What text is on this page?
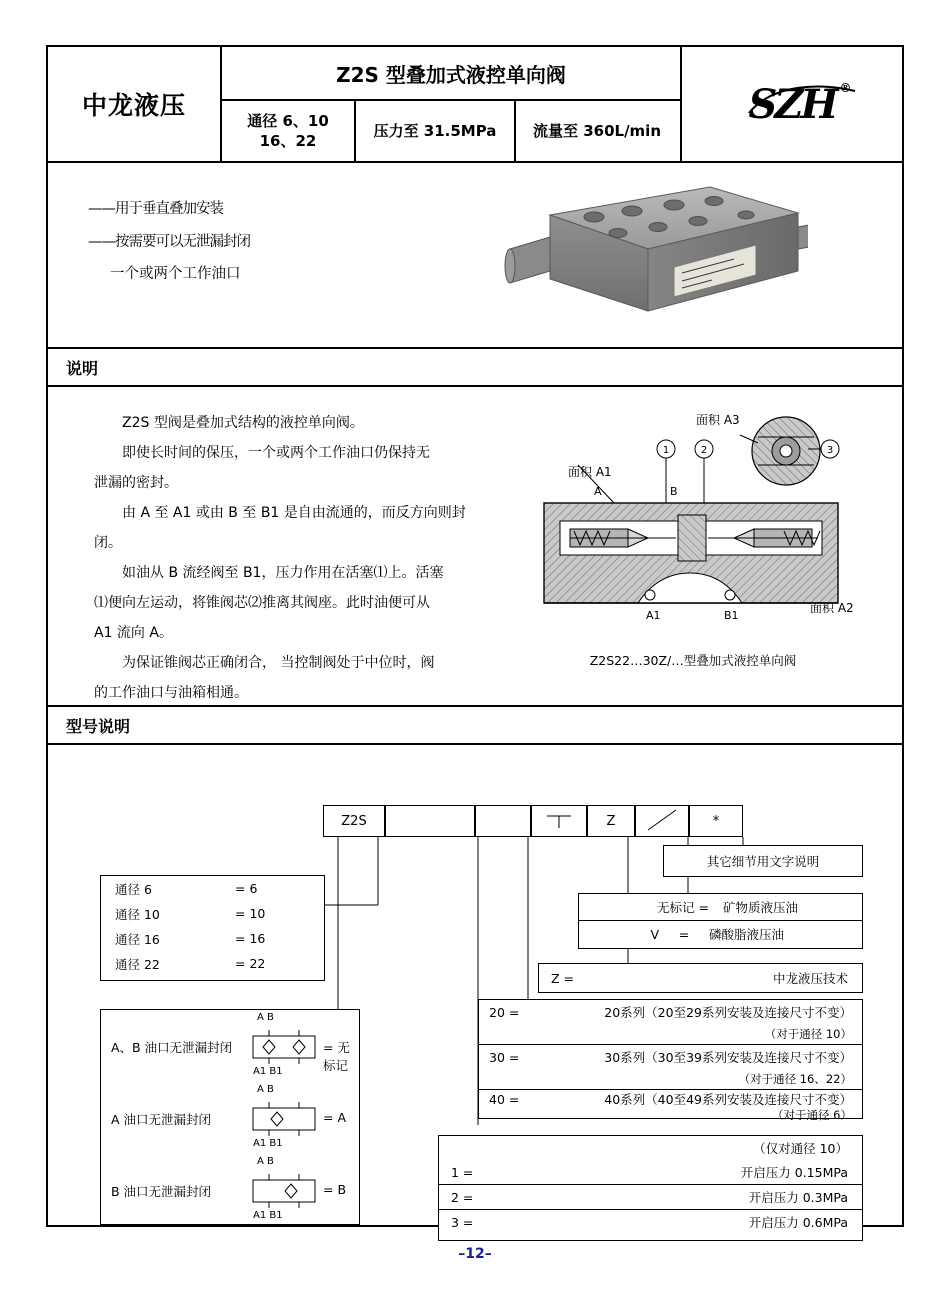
中龙液压
Z2S 型叠加式液控单向阀
通径 6、10
16、22
压力至 31.5MPa	流量至 360L/min
SZH ®
——用于垂直叠加安装
——按需要可以无泄漏封闭
一个或两个工作油口
说明

Z2S 型阀是叠加式结构的液控单向阀。

即使长时间的保压，一个或两个工作油口仍保持无

泄漏的密封。

由 A 至 A1 或由 B 至 B1 是自由流通的，而反方向则封

闭。

如油从 B 流经阀至 B1，压力作用在活塞⑴上。活塞

⑴便向左运动，将锥阀芯⑵推离其阀座。此时油便可从

A1 流向 A。

为保证锥阀芯正确闭合， 当控制阀处于中位时，阀

的工作油口与油箱相通。

1	2	3
A	B
A1	B1
面积 A1
面积 A3
面积 A2
Z2S22…30Z/…型叠加式液控单向阀
型号说明
Z2S	Z	*
其它细节用文字说明
无标记 =	矿物质液压油
V	=	磷酸脂液压油
Z =	中龙液压技术
20 =	20系列（20至29系列安装及连接尺寸不变）
（对于通径 10）
30 =	30系列（30至39系列安装及连接尺寸不变）
（对于通径 16、22）
40 =	40系列（40至49系列安装及连接尺寸不变）
（对于通径 6）
（仅对通径 10）
1 =	开启压力 0.15MPa
2 =	开启压力 0.3MPa
3 =	开启压力 0.6MPa
通径 6	= 6
通径 10	= 10
通径 16	= 16
通径 22	= 22
A、B 油口无泄漏封闭
A B
A1 B1
= 无标记
A 油口无泄漏封闭
A B
A1 B1
= A
B 油口无泄漏封闭
A B
A1 B1
= B
–12–
